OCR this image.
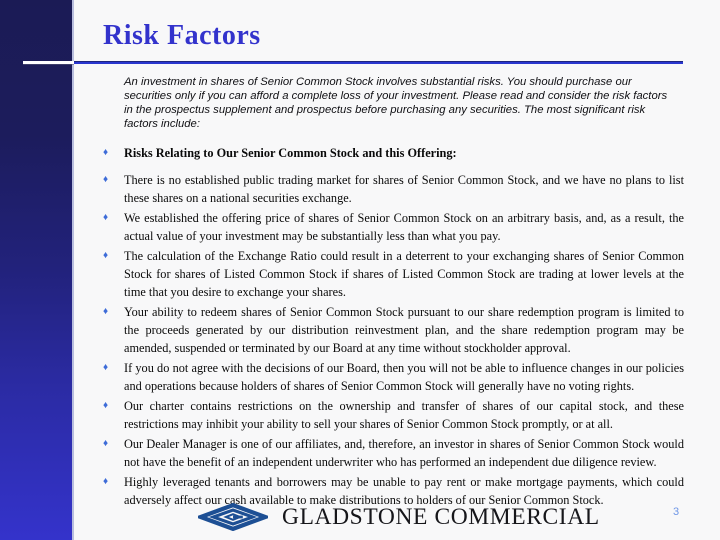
Risk Factors

An investment in shares of Senior Common Stock involves substantial risks. You should purchase our securities only if you can afford a complete loss of your investment. Please read and consider the risk factors in the prospectus supplement and prospectus before purchasing any securities. The most significant risk factors include:

♦	Risks Relating to Our Senior Common Stock and this Offering:
♦	There is no established public trading market for shares of Senior Common Stock, and we have no plans to list these shares on a national securities exchange.
♦	We established the offering price of shares of Senior Common Stock on an arbitrary basis, and, as a result, the actual value of your investment may be substantially less than what you pay.
♦	The calculation of the Exchange Ratio could result in a deterrent to your exchanging shares of Senior Common Stock for shares of Listed Common Stock if shares of Listed Common Stock are trading at lower levels at the time that you desire to exchange your shares.
♦	Your ability to redeem shares of Senior Common Stock pursuant to our share redemption program is limited to the proceeds generated by our distribution reinvestment plan, and the share redemption program may be amended, suspended or terminated by our Board at any time without stockholder approval.
♦	If you do not agree with the decisions of our Board, then you will not be able to influence changes in our policies and operations because holders of shares of Senior Common Stock will generally have no voting rights.
♦	Our charter contains restrictions on the ownership and transfer of shares of our capital stock, and these restrictions may inhibit your ability to sell your shares of Senior Common Stock promptly, or at all.
♦	Our Dealer Manager is one of our affiliates, and, therefore, an investor in shares of Senior Common Stock would not have the benefit of an independent underwriter who has performed an independent due diligence review.
♦	Highly leveraged tenants and borrowers may be unable to pay rent or make mortgage payments, which could adversely affect our cash available to make distributions to holders of our Senior Common Stock.
GLADSTONE COMMERCIAL	3
